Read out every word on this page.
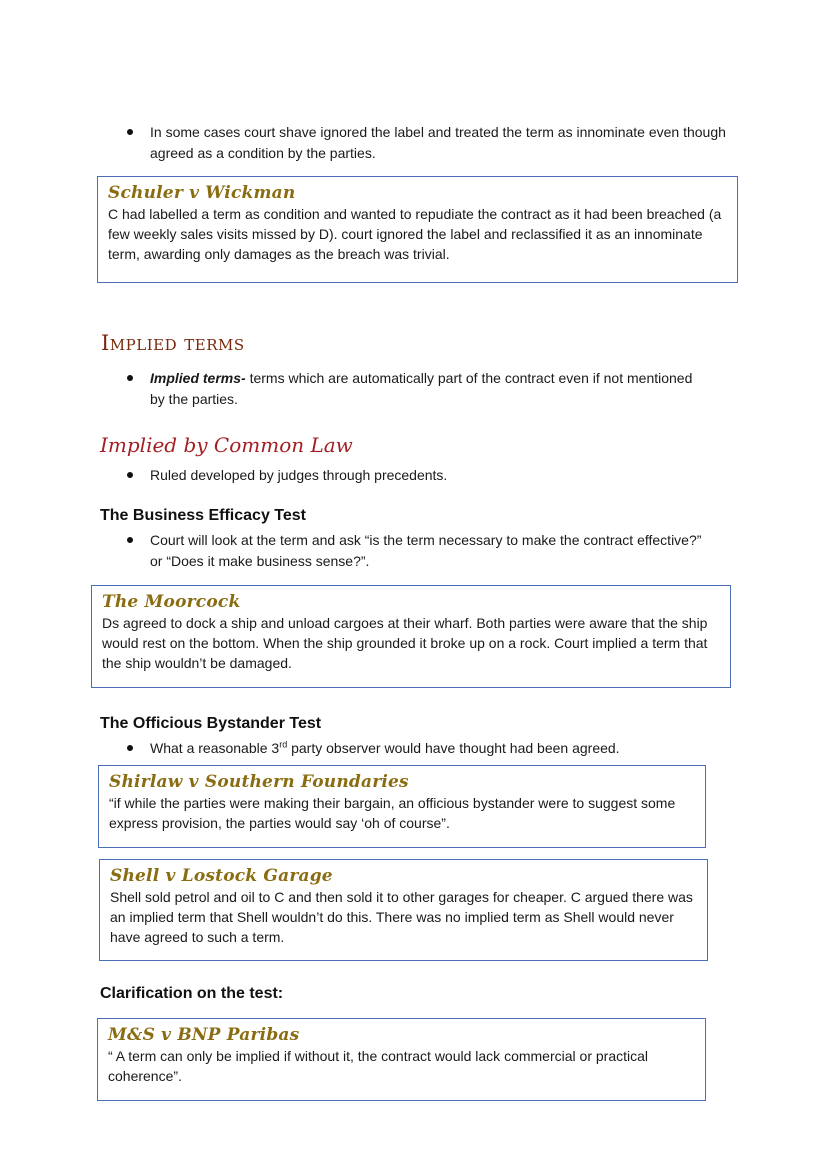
In some cases court shave ignored the label and treated the term as innominate even though agreed as a condition by the parties.
Schuler v Wickman
C had labelled a term as condition and wanted to repudiate the contract as it had been breached (a few weekly sales visits missed by D). court ignored the label and reclassified it as an innominate term, awarding only damages as the breach was trivial.
Implied terms
Implied terms- terms which are automatically part of the contract even if not mentioned by the parties.
Implied by Common Law
Ruled developed by judges through precedents.
The Business Efficacy Test
Court will look at the term and ask “is the term necessary to make the contract effective?” or “Does it make business sense?”.
The Moorcock
Ds agreed to dock a ship and unload cargoes at their wharf. Both parties were aware that the ship would rest on the bottom. When the ship grounded it broke up on a rock. Court implied a term that the ship wouldn’t be damaged.
The Officious Bystander Test
What a reasonable 3rd party observer would have thought had been agreed.
Shirlaw v Southern Foundaries
“if while the parties were making their bargain, an officious bystander were to suggest some express provision, the parties would say ‘oh of course”.
Shell v Lostock Garage
Shell sold petrol and oil to C and then sold it to other garages for cheaper. C argued there was an implied term that Shell wouldn’t do this. There was no implied term as Shell would never have agreed to such a term.
Clarification on the test:
M&S v BNP Paribas
“ A term can only be implied if without it, the contract would lack commercial or practical coherence”.
